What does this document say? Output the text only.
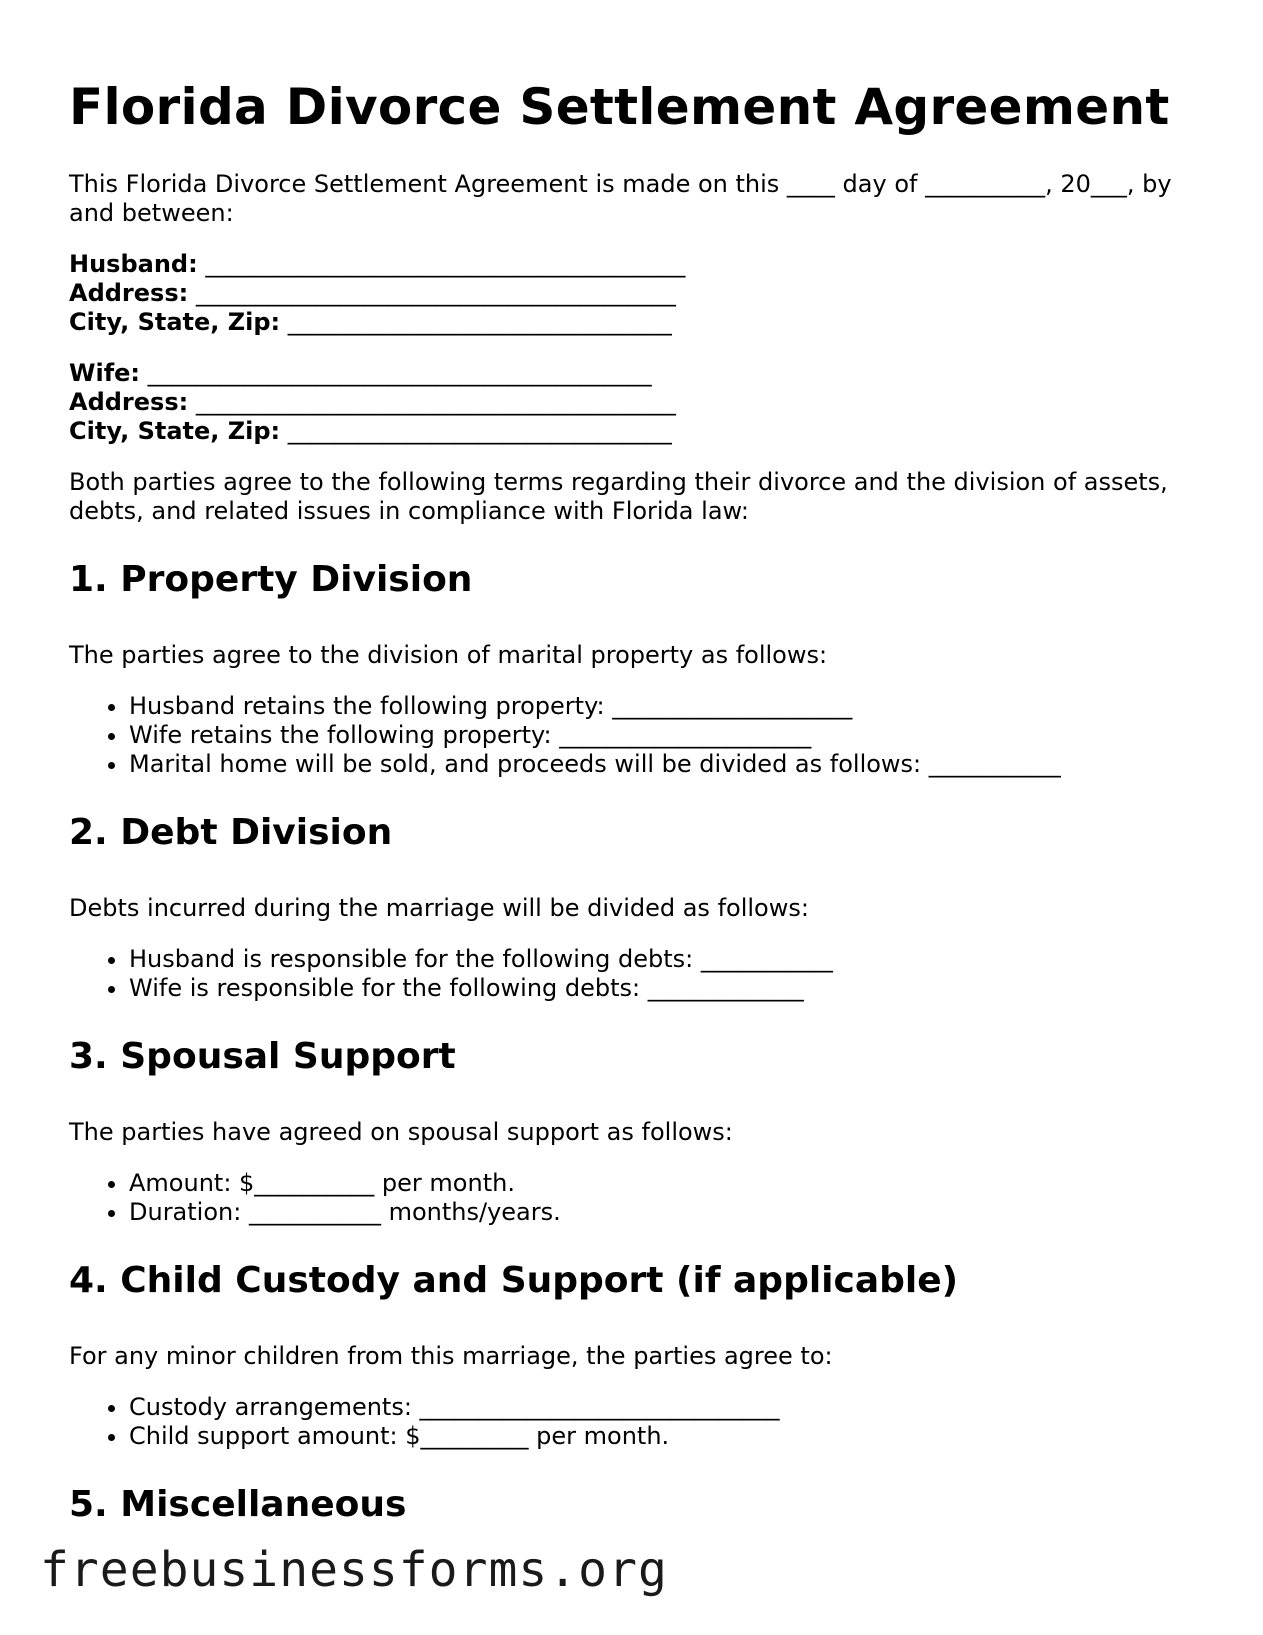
Florida Divorce Settlement Agreement

This Florida Divorce Settlement Agreement is made on this ____ day of __________, 20___, by and between:

Husband: ________________________________________
Address: ________________________________________
City, State, Zip: ________________________________
Wife: __________________________________________
Address: ________________________________________
City, State, Zip: ________________________________

Both parties agree to the following terms regarding their divorce and the division of assets, debts, and related issues in compliance with Florida law:

1. Property Division

The parties agree to the division of marital property as follows:

• Husband retains the following property: ____________________
• Wife retains the following property: _____________________
• Marital home will be sold, and proceeds will be divided as follows: ___________
2. Debt Division

Debts incurred during the marriage will be divided as follows:

• Husband is responsible for the following debts: ___________
• Wife is responsible for the following debts: _____________
3. Spousal Support

The parties have agreed on spousal support as follows:

• Amount: $__________ per month.
• Duration: ___________ months/years.
4. Child Custody and Support (if applicable)

For any minor children from this marriage, the parties agree to:

• Custody arrangements: ______________________________
• Child support amount: $_________ per month.
5. Miscellaneous
freebusinessforms.org
